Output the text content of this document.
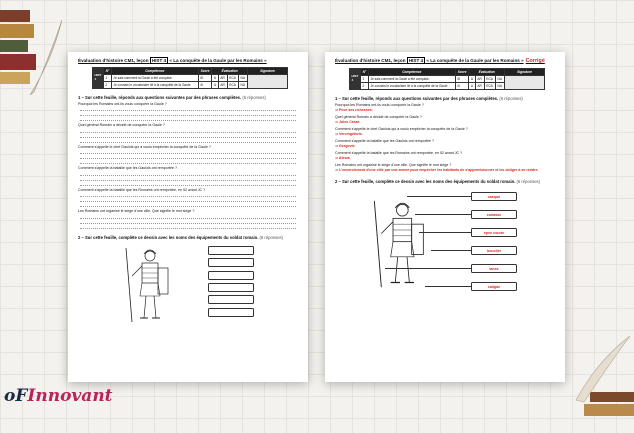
Évaluation d'histoire CM1, leçon HIST 4 « La conquête de la Gaule par les Romains »
HIST 4	N°	Compétence	Score	Évaluation				Signature
	1	Je sais comment la Gaule a été conquise.	/8	A	AR	ECA	NA	
	2	Je connais le vocabulaire lié à la conquête de la Gaule.	/6	A	AR	ECA	NA	
1 – Sur cette feuille, réponds aux questions suivantes par des phrases complètes. (6 réponses)
Pourquoi les Romains ont-ils voulu conquérir la Gaule ?
Quel général Romain a décidé de conquérir la Gaule ?
Comment s'appelle le chef Gaulois qui a voulu empêcher la conquête de la Gaule ?
Comment s'appelle la bataille que les Gaulois ont remportée ?
Comment s'appelle la bataille que les Romains ont remportée, en 52 avant JC ?
Les Romains ont organisé le siège d'une ville. Que signifie le mot siège ?
2 – Sur cette feuille, complète ce dessin avec les noms des équipements du soldat romain. (6 réponses)
Évaluation d'histoire CM1, leçon HIST 4 « La conquête de la Gaule par les Romains » Corrigé
HIST 4	N°	Compétence	Score	Évaluation				Signature
	1	Je sais comment la Gaule a été conquise.	/8	A	AR	ECA	NA	
	2	Je connais le vocabulaire lié à la conquête de la Gaule.	/6	A	AR	ECA	NA	
1 – Sur cette feuille, réponds aux questions suivantes par des phrases complètes. (6 réponses)
Pourquoi les Romains ont-ils voulu conquérir la Gaule ?
⇒ Pour ses richesses.
Quel général Romain a décidé de conquérir la Gaule ?
⇒ Jules César.
Comment s'appelle le chef Gaulois qui a voulu empêcher la conquête de la Gaule ?
⇒ Vercingétorix.
Comment s'appelle la bataille que les Gaulois ont remportée ?
⇒ Gergovie.
Comment s'appelle la bataille que les Romains ont remportée, en 52 avant JC ?
⇒ Alésia.
Les Romains ont organisé le siège d'une ville. Que signifie le mot siège ?
⇒ L'encerclement d'une ville par une armée pour empêcher les habitants de s'approvisionner et les obliger à se rendre.
2 – Sur cette feuille, complète ce dessin avec les noms des équipements du soldat romain. (6 réponses)
casque
cuirasse
épée courte
bouclier
lance
caligae
oFInnovant
